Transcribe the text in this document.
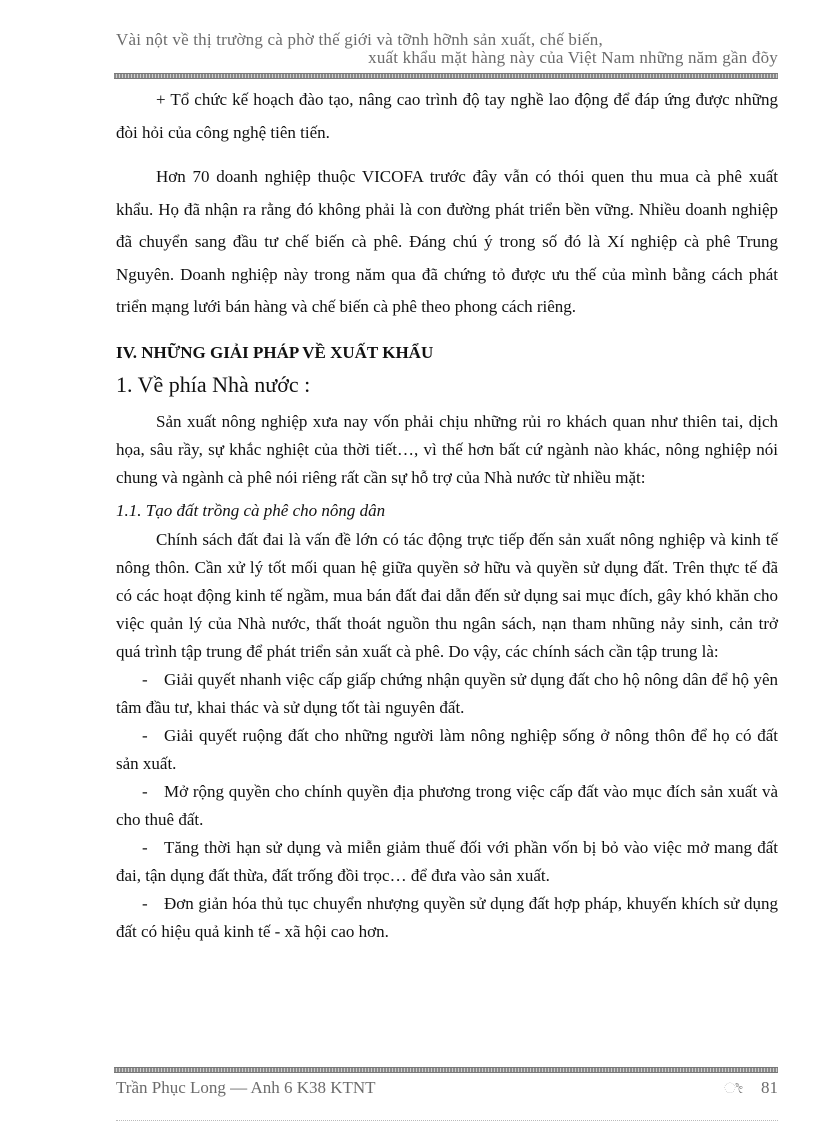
Vài nột về thị trường cà phờ thế giới và tỡnh hỡnh sản xuất, chế biến,
xuất khẩu mặt hàng này của Việt Nam những năm gần đõy

+ Tổ chức kế hoạch đào tạo, nâng cao trình độ tay nghề lao động để đáp ứng được những đòi hỏi của công nghệ tiên tiến.

Hơn 70 doanh nghiệp thuộc VICOFA trước đây vẫn có thói quen thu mua cà phê xuất khẩu. Họ đã nhận ra rằng đó không phải là con đường phát triển bền vững. Nhiều doanh nghiệp đã chuyển sang đầu tư chế biến cà phê. Đáng chú ý trong số đó là Xí nghiệp cà phê Trung Nguyên. Doanh nghiệp này trong năm qua đã chứng tỏ được ưu thế của mình bằng cách phát triển mạng lưới bán hàng và chế biến cà phê theo phong cách riêng.

IV. NHỮNG GIẢI PHÁP VỀ XUẤT KHẨU
1. Về phía Nhà nước :

Sản xuất nông nghiệp xưa nay vốn phải chịu những rủi ro khách quan như thiên tai, dịch họa, sâu rầy, sự khắc nghiệt của thời tiết…, vì thế hơn bất cứ ngành nào khác, nông nghiệp nói chung và ngành cà phê nói riêng rất cần sự hỗ trợ của Nhà nước từ nhiều mặt:

1.1. Tạo đất trồng cà phê cho nông dân

Chính sách đất đai là vấn đề lớn có tác động trực tiếp đến sản xuất nông nghiệp và kinh tế nông thôn. Cần xử lý tốt mối quan hệ giữa quyền sở hữu và quyền sử dụng đất. Trên thực tế đã có các hoạt động kinh tế ngầm, mua bán đất đai dẫn đến sử dụng sai mục đích, gây khó khăn cho việc quản lý của Nhà nước, thất thoát nguồn thu ngân sách, nạn tham nhũng nảy sinh, cản trở quá trình tập trung để phát triển sản xuất cà phê. Do vậy, các chính sách cần tập trung là:

- Giải quyết nhanh việc cấp giấp chứng nhận quyền sử dụng đất cho hộ nông dân để hộ yên tâm đầu tư, khai thác và sử dụng tốt tài nguyên đất.

- Giải quyết ruộng đất cho những người làm nông nghiệp sống ở nông thôn để họ có đất sản xuất.

- Mở rộng quyền cho chính quyền địa phương trong việc cấp đất vào mục đích sản xuất và cho thuê đất.

- Tăng thời hạn sử dụng và miễn giảm thuế đối với phần vốn bị bỏ vào việc mở mang đất đai, tận dụng đất thừa, đất trống đồi trọc… để đưa vào sản xuất.

- Đơn giản hóa thủ tục chuyển nhượng quyền sử dụng đất hợp pháp, khuyến khích sử dụng đất có hiệu quả kinh tế - xã hội cao hơn.

Trần Phục Long — Anh 6 K38 KTNT	ೀ 81
